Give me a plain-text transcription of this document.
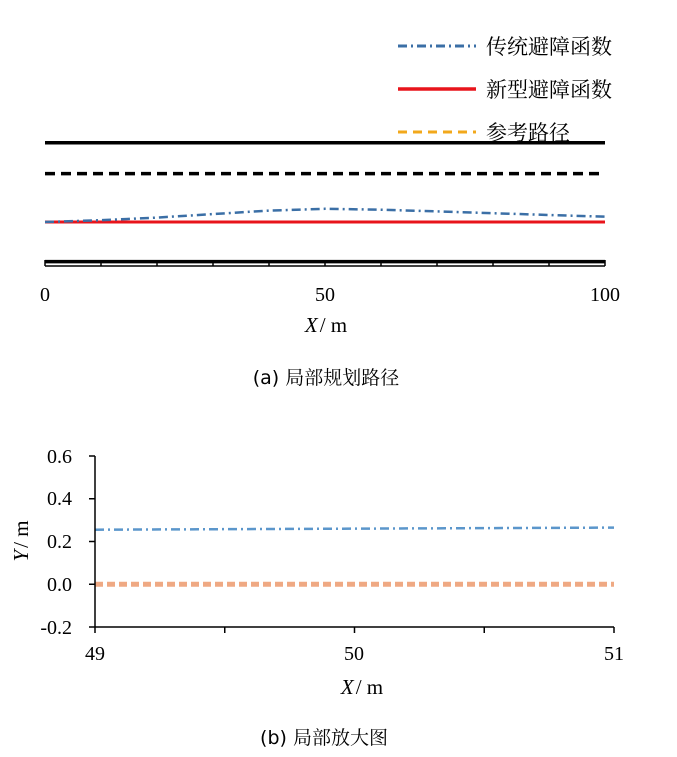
传统避障函数
新型避障函数
参考路径
0	50	100
X/ m
(a) 局部规划路径
0.6
0.4
0.2
0.0
-0.2
49	50	51
X/ m
Y/ m
(b) 局部放大图
